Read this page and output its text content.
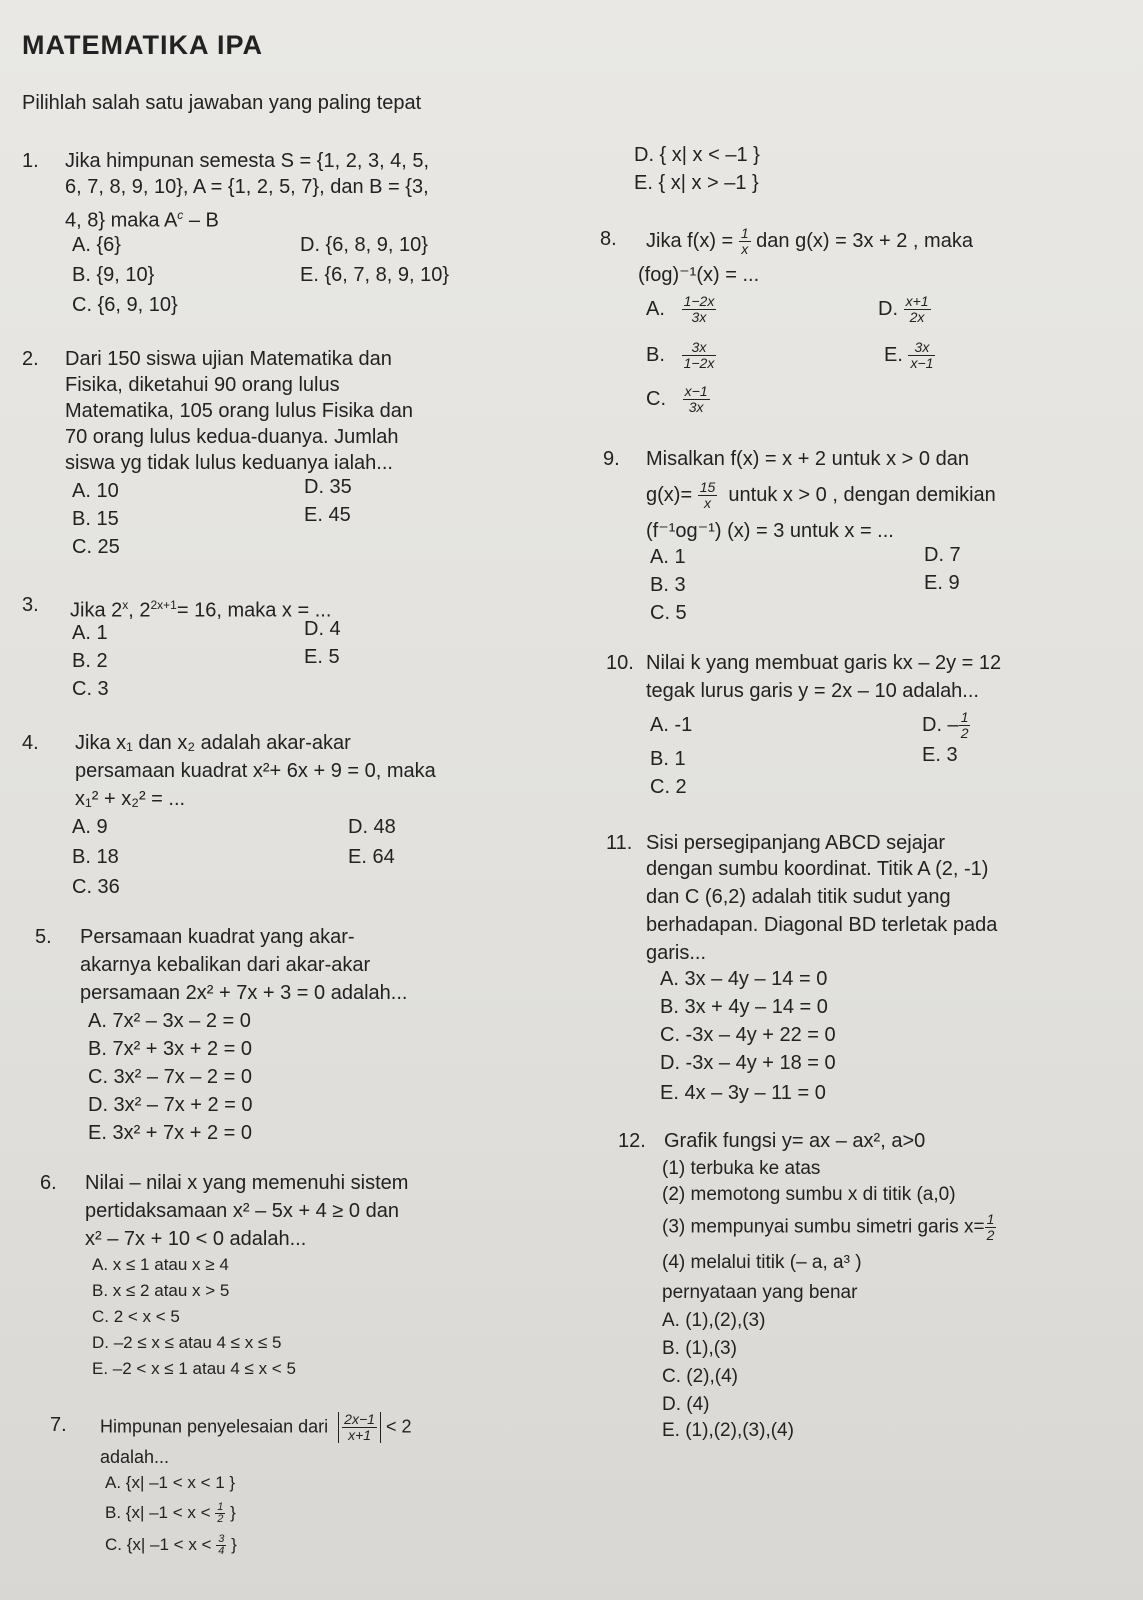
MATEMATIKA IPA
Pilihlah salah satu jawaban yang paling tepat
1. Jika himpunan semesta S = {1, 2, 3, 4, 5,
6, 7, 8, 9, 10}, A = {1, 2, 5, 7}, dan B = {3,
4, 8} maka $A^c$ – B
A. {6}
B. {9, 10}
C. {6, 9, 10}
D. {6, 8, 9, 10}
E. {6, 7, 8, 9, 10}
2. Dari 150 siswa ujian Matematika dan
Fisika, diketahui 90 orang lulus
Matematika, 105 orang lulus Fisika dan
70 orang lulus kedua-duanya. Jumlah
siswa yg tidak lulus keduanya ialah...
A. 10
B. 15
C. 25
D. 35
E. 45
3. Jika 2$^x$, $2^{2x+1}= 16$, maka x = ...
A. 1
B. 2
C. 3
D. 4
E. 5
4. Jika x₁ dan x₂ adalah akar-akar
persamaan kuadrat x²+ 6x + 9 = 0, maka
x₁² + x₂² = ...
A. 9
B. 18
C. 36
D. 48
E. 64
5. Persamaan kuadrat yang akar-
akarnya kebalikan dari akar-akar
persamaan 2x² + 7x + 3 = 0 adalah...
A. 7x² – 3x – 2 = 0
B. 7x² + 3x + 2 = 0
C. 3x² – 7x – 2 = 0
D. 3x² – 7x + 2 = 0
E. 3x² + 7x + 2 = 0
6. Nilai – nilai x yang memenuhi sistem
pertidaksamaan x² – 5x + 4 ≥ 0 dan
x² – 7x + 10 < 0 adalah...
A. x ≤ 1 atau x ≥ 4
B. x ≤ 2 atau x > 5
C. 2 < x < 5
D. –2 ≤ x ≤ atau 4 ≤ x ≤ 5
E. –2 < x ≤ 1 atau 4 ≤ x < 5
7. Himpunan penyelesaian dari $\frac{2x-1}{x+1} < 2$
adalah...
A. {x| –1 < x < 1 }
B. {x| $-1 < x < \frac{1}{2}$ }
C. {x| $-1 < x < \frac{3}{4}$ }
D. { x| x < –1 }
E. { x| x > –1 }
8. Jika $f(x) = \frac{1}{x}$ dan g(x) = 3x + 2 , maka
(fog)⁻¹(x) = ...
A. $\frac{1-2x}{3x}$
B. $\frac{3x}{1-2x}$
C. $\frac{x-1}{3x}$
D. $\frac{x+1}{2x}$
E. $\frac{3x}{x-1}$
9. Misalkan f(x) = x + 2 untuk x > 0 dan
$g(x)= \frac{15}{x}$ untuk x > 0 , dengan demikian
(f⁻¹og⁻¹) (x) = 3 untuk x = ...
A. 1
B. 3
C. 5
D. 7
E. 9
10. Nilai k yang membuat garis kx – 2y = 12
tegak lurus garis y = 2x – 10 adalah...
A. -1
B. 1
C. 2
D. – $\frac{1}{2}$
E. 3
11. Sisi persegipanjang ABCD sejajar
dengan sumbu koordinat. Titik A (2, -1)
dan C (6,2) adalah titik sudut yang
berhadapan. Diagonal BD terletak pada
garis...
A. 3x – 4y – 14 = 0
B. 3x + 4y – 14 = 0
C. -3x – 4y + 22 = 0
D. -3x – 4y + 18 = 0
E. 4x – 3y – 11 = 0
12. Grafik fungsi y= ax – ax², a>0
(1) terbuka ke atas
(2) memotong sumbu x di titik (a,0)
(3) mempunyai sumbu simetri garis $x= \frac{1}{2}$
(4) melalui titik (– a, a³ )
pernyataan yang benar
A. (1),(2),(3)
B. (1),(3)
C. (2),(4)
D. (4)
E. (1),(2),(3),(4)
